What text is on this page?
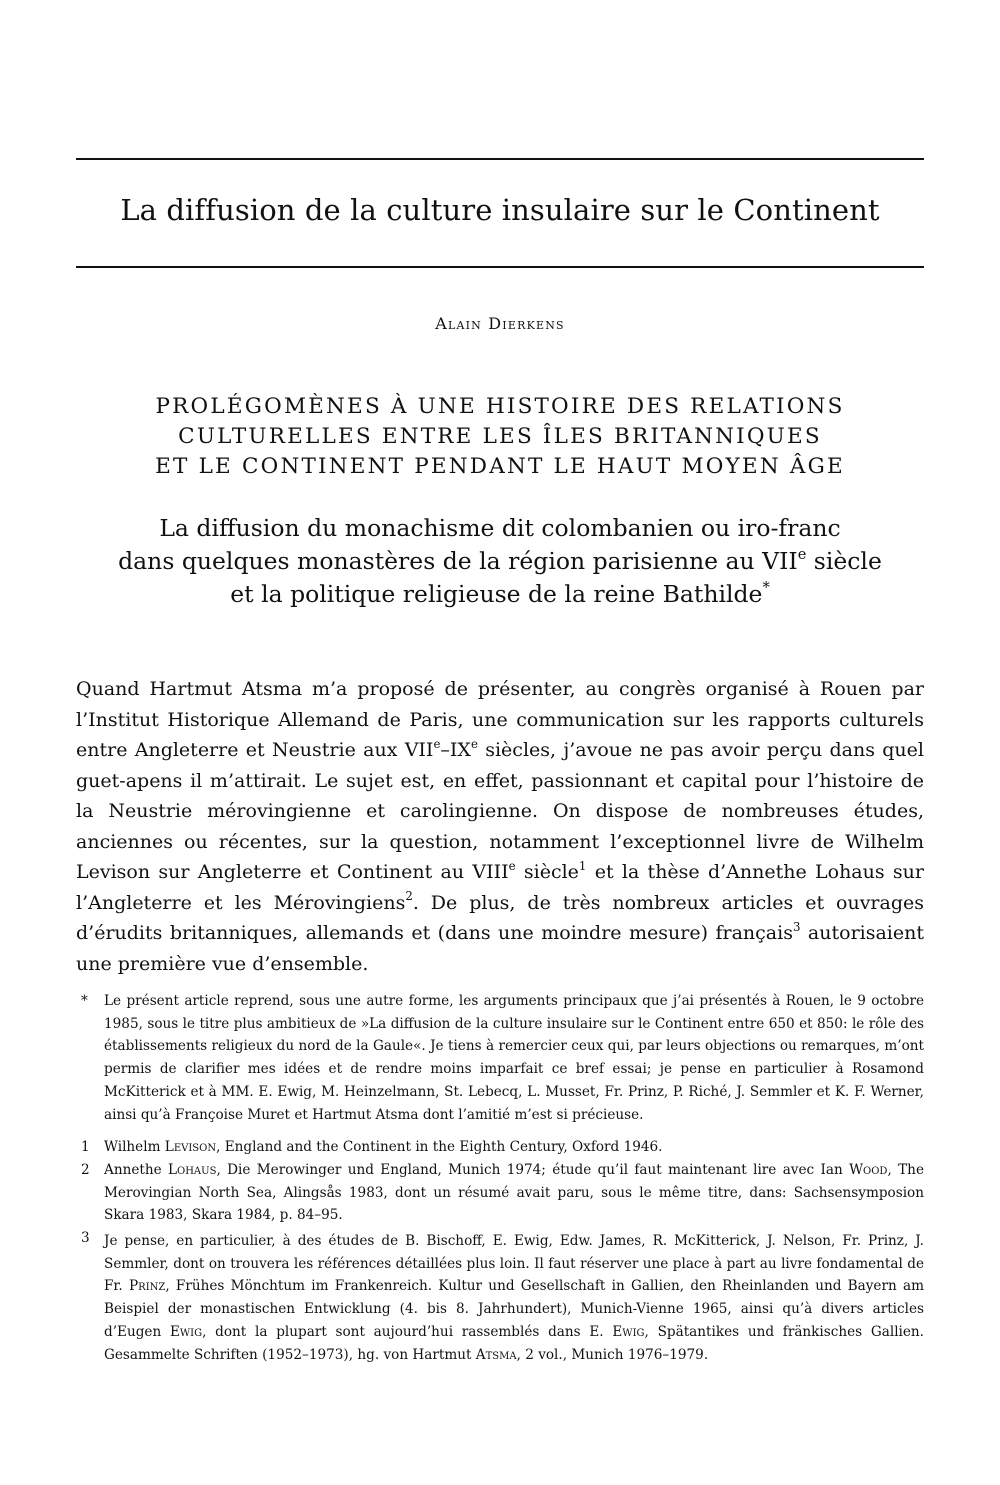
La diffusion de la culture insulaire sur le Continent
Alain Dierkens
PROLÉGOMÈNES À UNE HISTOIRE DES RELATIONS
CULTURELLES ENTRE LES ÎLES BRITANNIQUES
ET LE CONTINENT PENDANT LE HAUT MOYEN ÂGE
La diffusion du monachisme dit colombanien ou iro-franc
dans quelques monastères de la région parisienne au VIIe siècle
et la politique religieuse de la reine Bathilde*
Quand Hartmut Atsma m’a proposé de présenter, au congrès organisé à Rouen par l’Institut Historique Allemand de Paris, une communication sur les rapports culturels entre Angleterre et Neustrie aux VIIe–IXe siècles, j’avoue ne pas avoir perçu dans quel guet-apens il m’attirait. Le sujet est, en effet, passionnant et capital pour l’histoire de la Neustrie mérovingienne et carolingienne. On dispose de nombreuses études, anciennes ou récentes, sur la question, notamment l’exceptionnel livre de Wilhelm Levison sur Angleterre et Continent au VIIIe siècle$^1$ et la thèse d’Annethe Lohaus sur l’Angleterre et les Mérovingiens$^2$. De plus, de très nombreux articles et ouvrages d’érudits britanniques, allemands et (dans une moindre mesure) français$^3$ autorisaient une première vue d’ensemble.
* Le présent article reprend, sous une autre forme, les arguments principaux que j’ai présentés à Rouen, le 9 octobre 1985, sous le titre plus ambitieux de »La diffusion de la culture insulaire sur le Continent entre 650 et 850: le rôle des établissements religieux du nord de la Gaule«. Je tiens à remercier ceux qui, par leurs objections ou remarques, m’ont permis de clarifier mes idées et de rendre moins imparfait ce bref essai; je pense en particulier à Rosamond McKitterick et à MM. E. Ewig, M. Heinzelmann, St. Lebecq, L. Musset, Fr. Prinz, P. Riché, J. Semmler et K. F. Werner, ainsi qu’à Françoise Muret et Hartmut Atsma dont l’amitié m’est si précieuse.
1 Wilhelm Levison, England and the Continent in the Eighth Century, Oxford 1946.
2 Annethe Lohaus, Die Merowinger und England, Munich 1974; étude qu’il faut maintenant lire avec Ian Wood, The Merovingian North Sea, Alingsås 1983, dont un résumé avait paru, sous le même titre, dans: Sachsensymposion Skara 1983, Skara 1984, p. 84–95.
3 Je pense, en particulier, à des études de B. Bischoff, E. Ewig, Edw. James, R. McKitterick, J. Nelson, Fr. Prinz, J. Semmler, dont on trouvera les références détaillées plus loin. Il faut réserver une place à part au livre fondamental de Fr. Prinz, Frühes Mönchtum im Frankenreich. Kultur und Gesellschaft in Gallien, den Rheinlanden und Bayern am Beispiel der monastischen Entwicklung (4. bis 8. Jahrhundert), Munich-Vienne 1965, ainsi qu’à divers articles d’Eugen Ewig, dont la plupart sont aujourd’hui rassemblés dans E. Ewig, Spätantikes und fränkisches Gallien. Gesammelte Schriften (1952–1973), hg. von Hartmut Atsma, 2 vol., Munich 1976–1979.
